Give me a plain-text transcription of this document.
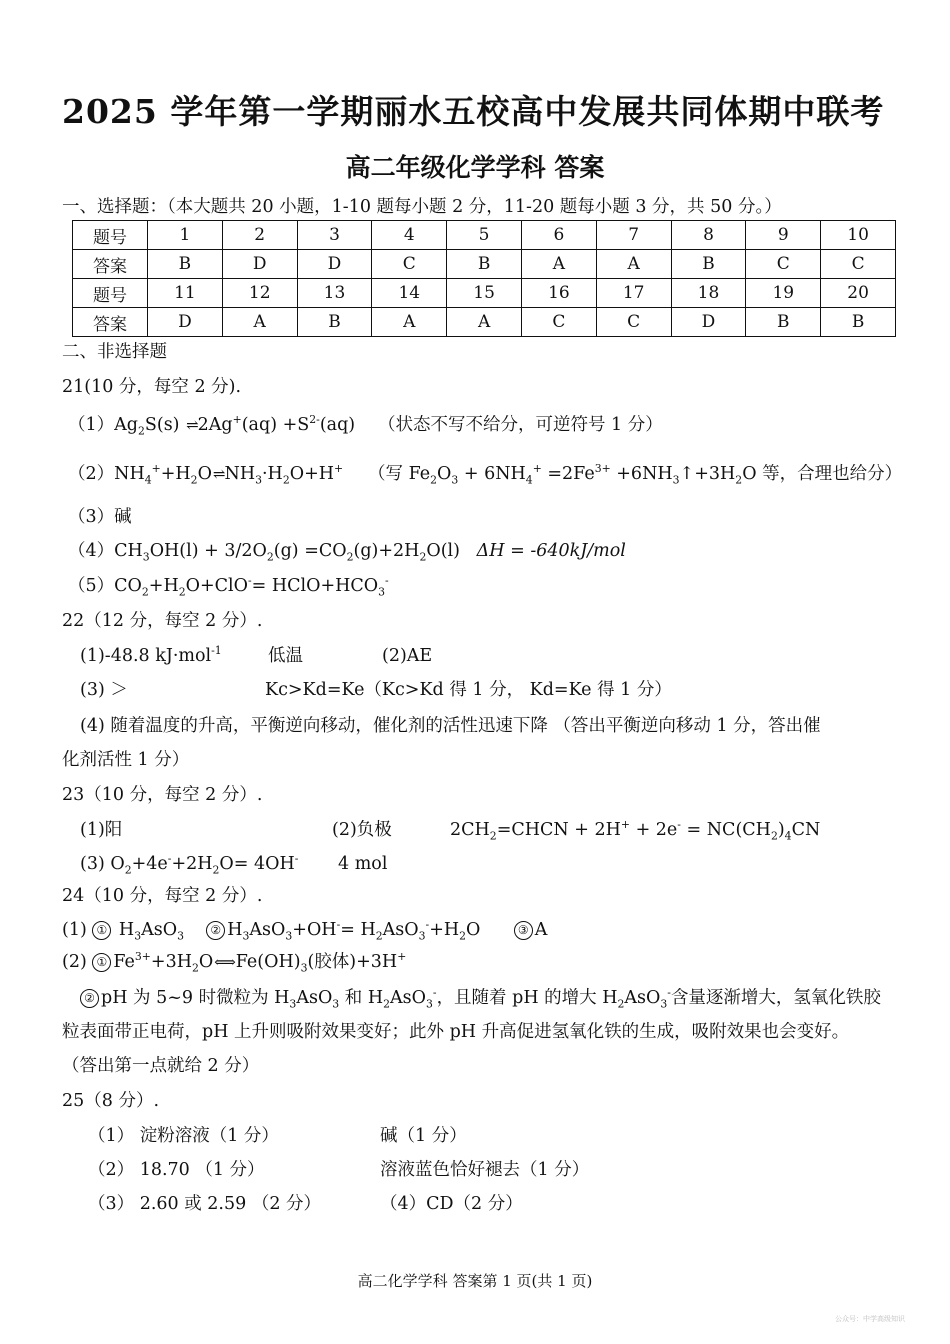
2025 学年第一学期丽水五校高中发展共同体期中联考
高二年级化学学科 答案
一、选择题：（本大题共 20 小题，1-10 题每小题 2 分，11-20 题每小题 3 分，共 50 分。）
题号	1	2	3	4	5	6	7	8	9	10
答案	B	D	D	C	B	A	A	B	C	C
题号	11	12	13	14	15	16	17	18	19	20
答案	D	A	B	A	A	C	C	D	B	B
二、非选择题
21(10 分，每空 2 分).
$(1)Ag_2S(s)$ ⇌2Ag+(aq) $+S^{2-}(aq)$ （状态不写不给分，可逆符号 1 分）
$(2)NH_4^++H_2O\rightleftharpoons NH_3\cdot H_2O+H^+$ （写 $Fe_2O_3 + 6NH_4^+ =2Fe^{3+}$ $+6NH_3↑+3H_2O$ 等，合理也给分）
（3）碱
$(4)CH_3OH(l) + 3/2O_2(g) =CO_2(g)+2H_2O(l) \Delta H = -640kJ/mol$
$(5)CO_2+H_2O+ClO^-=$ $HClO+HCO_3^-$
22（12 分，每空 2 分）.
(1)-48.8 kJ·mol$^{-1}$	低温	(2)AE
(3) ＞	Kc>Kd=Ke（Kc>Kd 得 1 分， Kd=Ke 得 1 分）
(4) 随着温度的升高，平衡逆向移动，催化剂的活性迅速下降 （答出平衡逆向移动 1 分，答出催
化剂活性 1 分）
23（10 分，每空 2 分）.
(1)阳	(2)负极	$2CH_2=CHCN + 2H^+ + 2e^- = NC(CH_2)_4CN$
(3) $O_2+4e^-+2H_2O= 4OH^-$ 4 mol
24（10 分，每空 2 分）.
(1) ① $H_3AsO_3$ ② $H_3AsO_3+OH^-= H_2AsO_3^-+H_2O$      ③ A
(2) ① $Fe^{3+}+3H_2O⟺Fe(OH)_3$(胶体)+3H+
② pH 为 5~9 时微粒为 $H_3AsO_3$ 和 $H_2AsO_3^-$，且随着 pH 的增大 $H_2AsO_3^-$含量逐渐增大，氢氧化铁胶
粒表面带正电荷，pH 上升则吸附效果变好；此外 pH 升高促进氢氧化铁的生成，吸附效果也会变好。
（答出第一点就给 2 分）
25（8 分）.
（1） 淀粉溶液（1 分）	碱（1 分）
（2） 18.70 （1 分）	溶液蓝色恰好褪去（1 分）
（3） 2.60 或 2.59 （2 分）	（4）CD（2 分）
高二化学学科 答案第 1 页(共 1 页)
公众号：中学高级知识
